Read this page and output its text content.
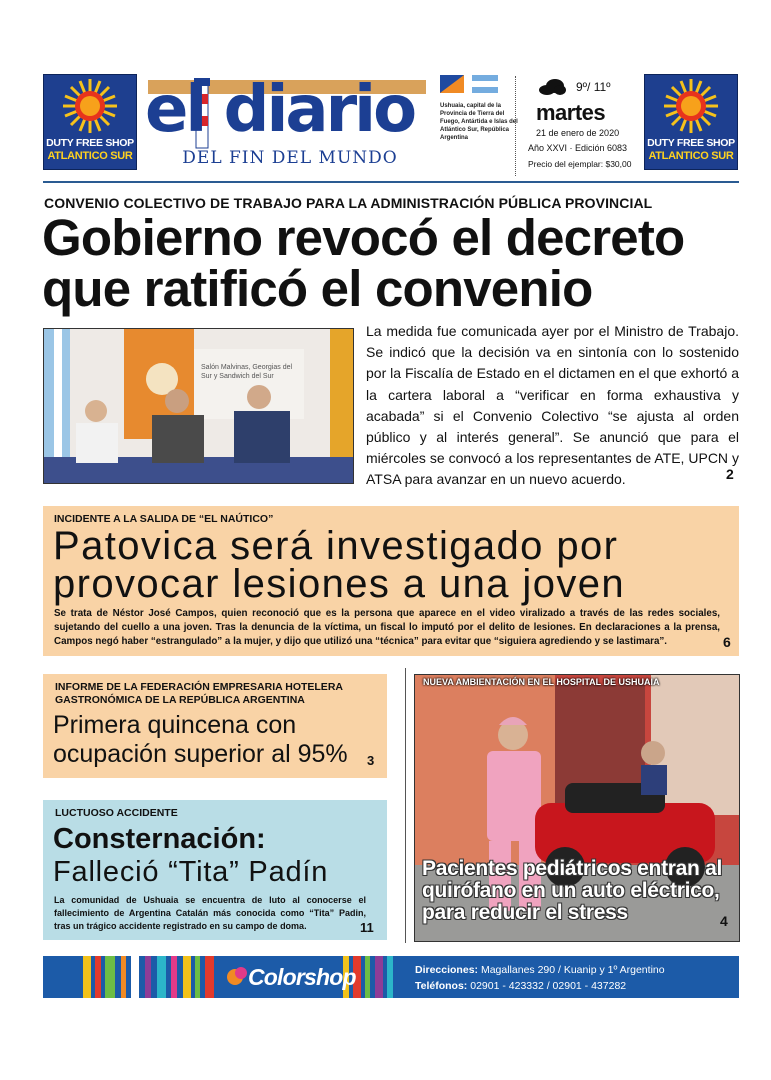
DUTY FREE SHOP
ATLANTICO SUR
el diario
DEL FIN DEL MUNDO
Ushuaia, capital de la Provincia de Tierra del Fuego, Antártida e Islas del Atlántico Sur, República Argentina
9º/ 11º
martes
21 de enero de 2020
Año XXVI · Edición 6083
Precio del ejemplar: $30,00
DUTY FREE SHOP
ATLANTICO SUR
CONVENIO COLECTIVO DE TRABAJO PARA LA ADMINISTRACIÓN PÚBLICA PROVINCIAL
Gobierno revocó el decreto que ratificó el convenio
Salón Malvinas, Georgias del Sur y Sandwich del Sur
La medida fue comunicada ayer por el Ministro de Trabajo. Se indicó que la decisión va en sintonía con lo sostenido por la Fiscalía de Estado en el dictamen en el que exhortó a la cartera laboral a “verificar en forma exhaustiva y acabada” si el Convenio Colectivo “se ajusta al orden público y al interés general”. Se anunció que para el miércoles se convocó a los representantes de ATE, UPCN y ATSA para avanzar en un nuevo acuerdo.	2
INCIDENTE A LA SALIDA DE “EL NAÚTICO”
Patovica será investigado por provocar lesiones a una joven
Se trata de Néstor José Campos, quien reconoció que es la persona que aparece en el video viralizado a través de las redes sociales, sujetando del cuello a una joven. Tras la denuncia de la víctima, un fiscal lo imputó por el delito de lesiones. En declaraciones a la prensa, Campos negó haber “estrangulado” a la mujer, y dijo que utilizó una “técnica” para evitar que “siguiera agrediendo y se lastimara”.	6
INFORME DE LA FEDERACIÓN EMPRESARIA HOTELERA GASTRONÓMICA DE LA REPÚBLICA ARGENTINA
Primera quincena con ocupación superior al 95%	3
LUCTUOSO ACCIDENTE
Consternación:
Falleció “Tita” Padín
La comunidad de Ushuaia se encuentra de luto al conocerse el fallecimiento de Argentina Catalán más conocida como “Tita” Padin, tras un trágico accidente registrado en su campo de doma.	11
NUEVA AMBIENTACIÓN EN EL HOSPITAL DE USHUAIA
Pacientes pediátricos entran al quirófano en un auto eléctrico, para reducir el stress	4
Colorshop	Direcciones: Magallanes 290 / Kuanip y 1º Argentino
Teléfonos: 02901 - 423332 / 02901 - 437282
